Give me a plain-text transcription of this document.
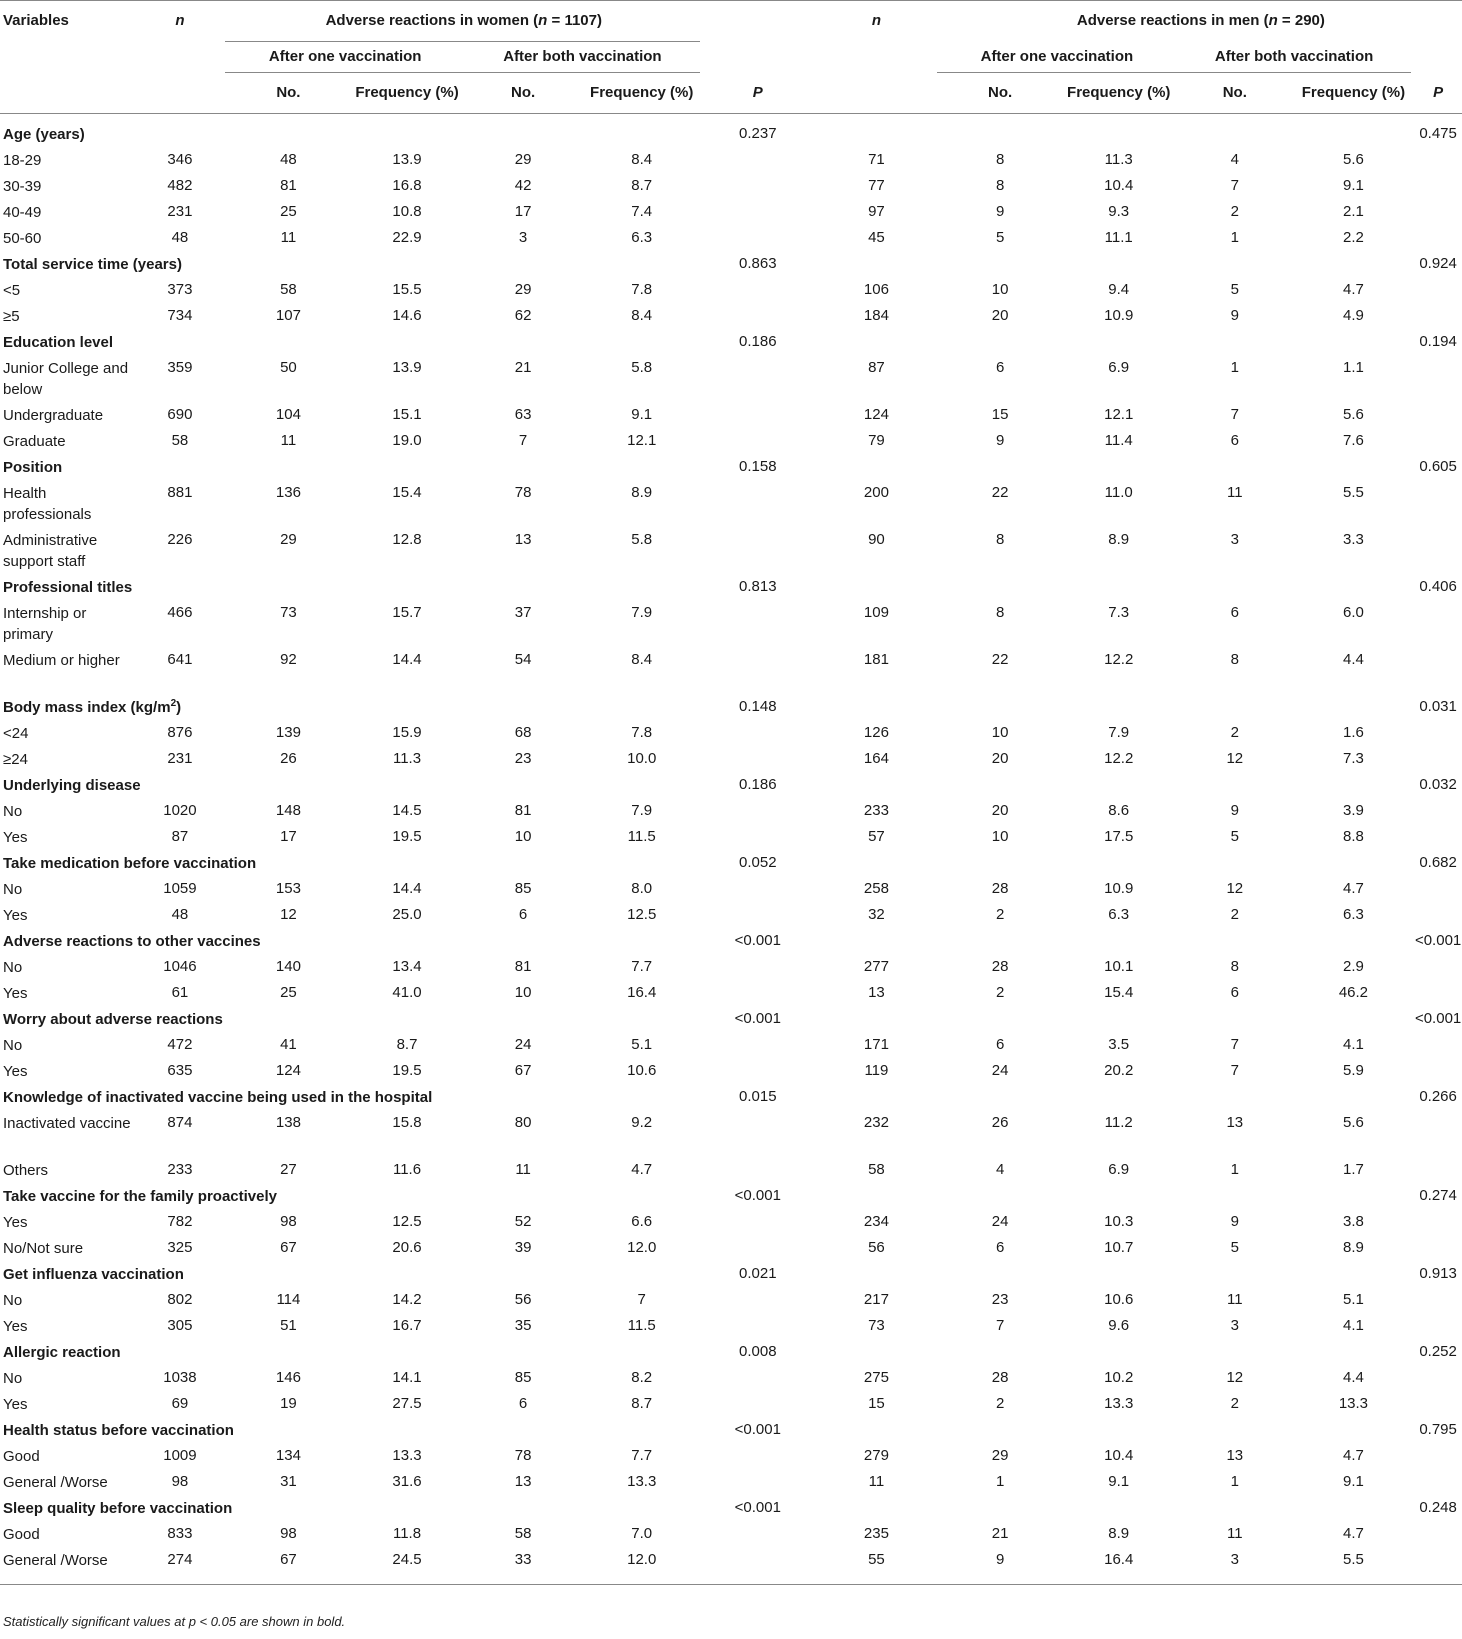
Variables	n	Adverse reactions in women (n = 1107)					n	Adverse reactions in men (n = 290)				
		After one vaccination		After both vaccination				After one vaccination		After both vaccination		
		No.	Frequency (%)	No.	Frequency (%)	P		No.	Frequency (%)	No.	Frequency (%)	P
Age (years)						0.237						0.475
18-29	346	48	13.9	29	8.4		71	8	11.3	4	5.6	
30-39	482	81	16.8	42	8.7		77	8	10.4	7	9.1	
40-49	231	25	10.8	17	7.4		97	9	9.3	2	2.1	
50-60	48	11	22.9	3	6.3		45	5	11.1	1	2.2	
Total service time (years)						0.863						0.924
<5	373	58	15.5	29	7.8		106	10	9.4	5	4.7	
≥5	734	107	14.6	62	8.4		184	20	10.9	9	4.9	
Education level						0.186						0.194
Junior College and below	359	50	13.9	21	5.8		87	6	6.9	1	1.1	
Undergraduate	690	104	15.1	63	9.1		124	15	12.1	7	5.6	
Graduate	58	11	19.0	7	12.1		79	9	11.4	6	7.6	
Position						0.158						0.605
Health professionals	881	136	15.4	78	8.9		200	22	11.0	11	5.5	
Administrative support staff	226	29	12.8	13	5.8		90	8	8.9	3	3.3	
Professional titles						0.813						0.406
Internship or primary	466	73	15.7	37	7.9		109	8	7.3	6	6.0	
Medium or higher	641	92	14.4	54	8.4		181	22	12.2	8	4.4	
Body mass index $(kg/m^2)$						0.148						0.031
<24	876	139	15.9	68	7.8		126	10	7.9	2	1.6	
≥24	231	26	11.3	23	10.0		164	20	12.2	12	7.3	
Underlying disease						0.186						0.032
No	1020	148	14.5	81	7.9		233	20	8.6	9	3.9	
Yes	87	17	19.5	10	11.5		57	10	17.5	5	8.8	
Take medication before vaccination						0.052						0.682
No	1059	153	14.4	85	8.0		258	28	10.9	12	4.7	
Yes	48	12	25.0	6	12.5		32	2	6.3	2	6.3	
Adverse reactions to other vaccines						<0.001						<0.001
No	1046	140	13.4	81	7.7		277	28	10.1	8	2.9	
Yes	61	25	41.0	10	16.4		13	2	15.4	6	46.2	
Worry about adverse reactions						<0.001						<0.001
No	472	41	8.7	24	5.1		171	6	3.5	7	4.1	
Yes	635	124	19.5	67	10.6		119	24	20.2	7	5.9	
Knowledge of inactivated vaccine being used in the hospital						0.015						0.266
Inactivated vaccine	874	138	15.8	80	9.2		232	26	11.2	13	5.6	
Others	233	27	11.6	11	4.7		58	4	6.9	1	1.7	
Take vaccine for the family proactively						<0.001						0.274
Yes	782	98	12.5	52	6.6		234	24	10.3	9	3.8	
No/Not sure	325	67	20.6	39	12.0		56	6	10.7	5	8.9	
Get influenza vaccination						0.021						0.913
No	802	114	14.2	56	7		217	23	10.6	11	5.1	
Yes	305	51	16.7	35	11.5		73	7	9.6	3	4.1	
Allergic reaction						0.008						0.252
No	1038	146	14.1	85	8.2		275	28	10.2	12	4.4	
Yes	69	19	27.5	6	8.7		15	2	13.3	2	13.3	
Health status before vaccination						<0.001						0.795
Good	1009	134	13.3	78	7.7		279	29	10.4	13	4.7	
General /Worse	98	31	31.6	13	13.3		11	1	9.1	1	9.1	
Sleep quality before vaccination						<0.001						0.248
Good	833	98	11.8	58	7.0		235	21	8.9	11	4.7	
General /Worse	274	67	24.5	33	12.0		55	9	16.4	3	5.5	
Statistically significant values at p < 0.05 are shown in bold.
